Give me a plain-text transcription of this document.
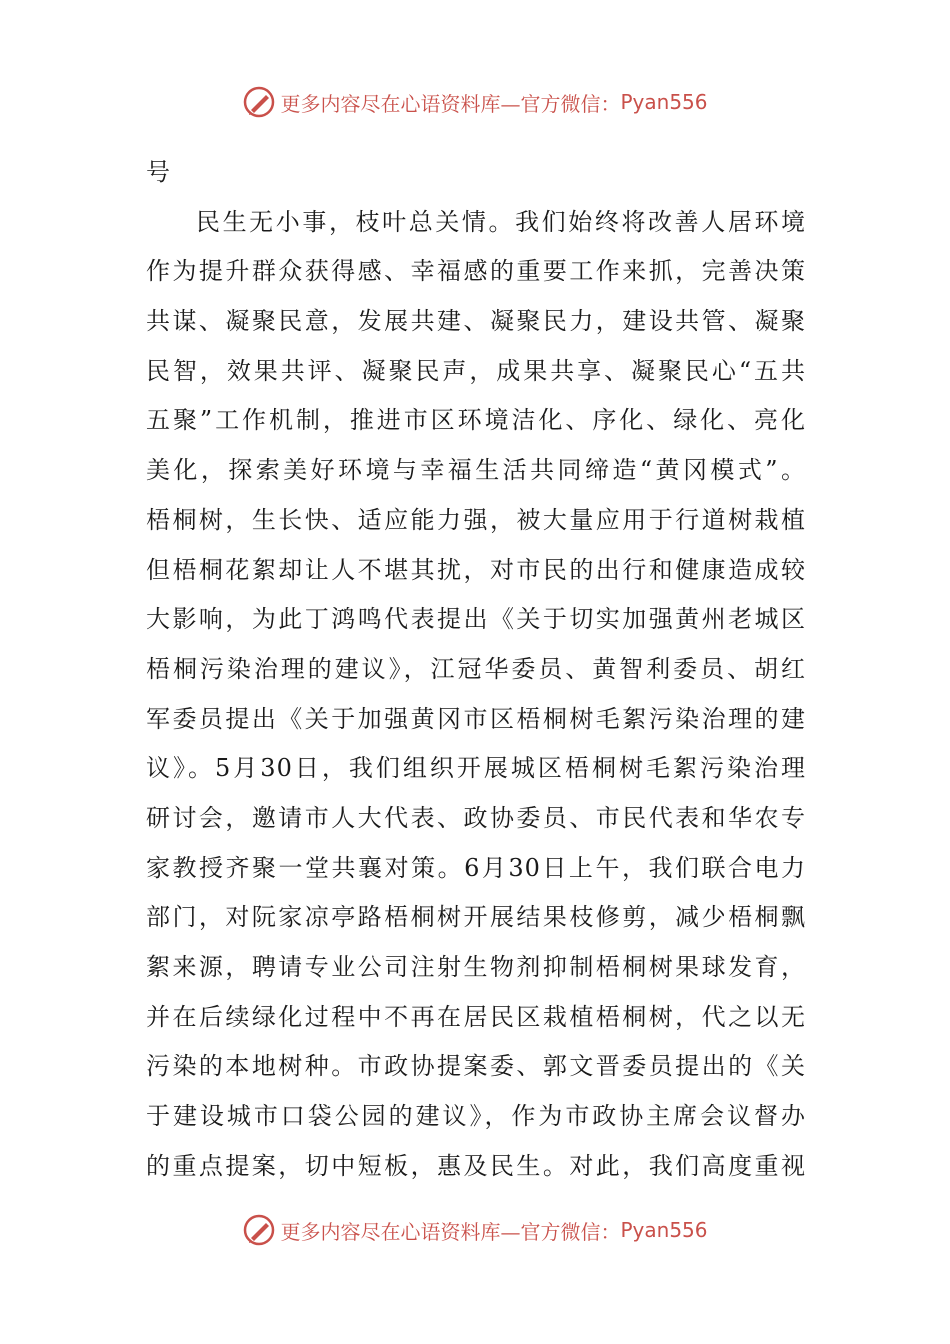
更多内容尽在心语资料库—官方微信： Pyan556
号
民生无小事，枝叶总关情。我们始终将改善人居环境
作为提升群众获得感、幸福感的重要工作来抓，完善决策
共谋、凝聚民意，发展共建、凝聚民力，建设共管、凝聚
民智，效果共评、凝聚民声，成果共享、凝聚民心“五共
五聚”工作机制，推进市区环境洁化、序化、绿化、亮化
美化，探索美好环境与幸福生活共同缔造“黄冈模式”。
梧桐树，生长快、适应能力强，被大量应用于行道树栽植
但梧桐花絮却让人不堪其扰，对市民的出行和健康造成较
大影响，为此丁鸿鸣代表提出《关于切实加强黄州老城区
梧桐污染治理的建议》，江冠华委员、黄智利委员、胡红
军委员提出《关于加强黄冈市区梧桐树毛絮污染治理的建
议》。5月30日，我们组织开展城区梧桐树毛絮污染治理
研讨会，邀请市人大代表、政协委员、市民代表和华农专
家教授齐聚一堂共襄对策。6月30日上午，我们联合电力
部门，对阮家凉亭路梧桐树开展结果枝修剪，减少梧桐飘
絮来源，聘请专业公司注射生物剂抑制梧桐树果球发育，
并在后续绿化过程中不再在居民区栽植梧桐树，代之以无
污染的本地树种。市政协提案委、郭文晋委员提出的《关
于建设城市口袋公园的建议》，作为市政协主席会议督办
的重点提案，切中短板，惠及民生。对此，我们高度重视
更多内容尽在心语资料库—官方微信： Pyan556
